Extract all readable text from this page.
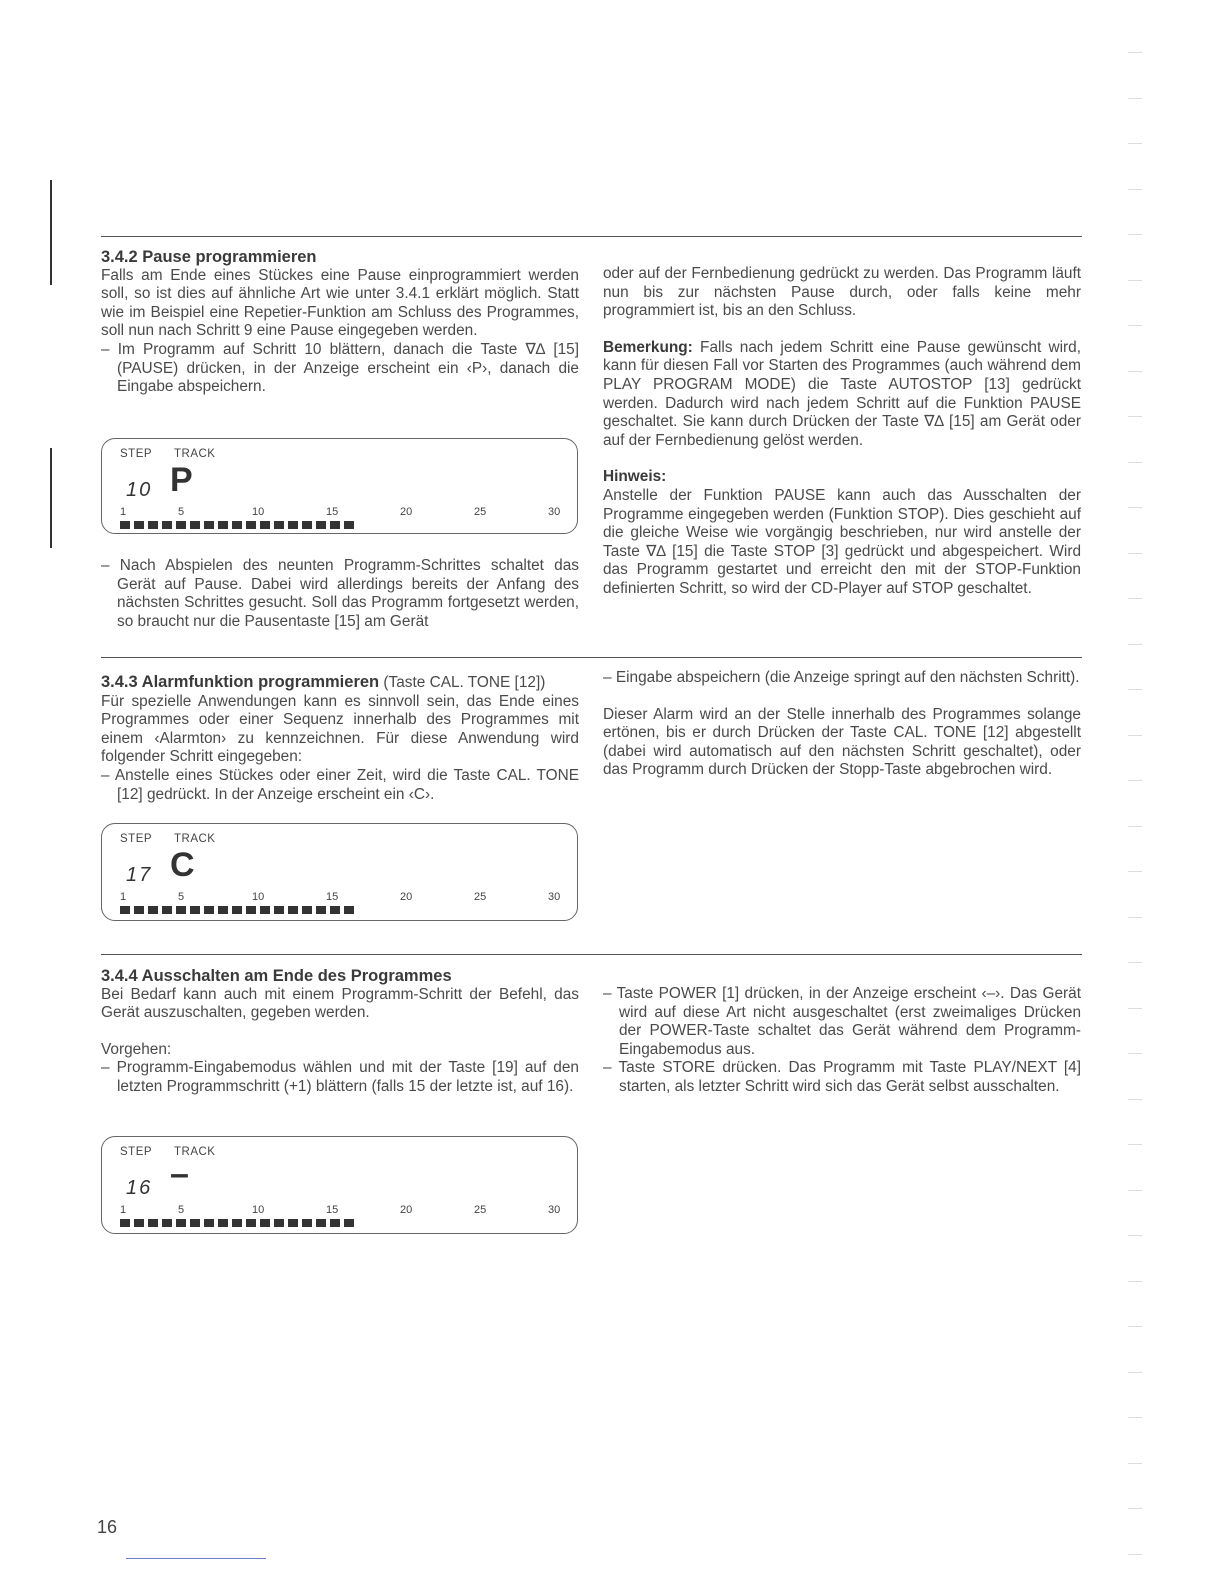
3.4.2 Pause programmieren

Falls am Ende eines Stückes eine Pause einprogrammiert werden soll, so ist dies auf ähnliche Art wie unter 3.4.1 erklärt möglich. Statt wie im Beispiel eine Repetier-Funktion am Schluss des Programmes, soll nun nach Schritt 9 eine Pause eingegeben werden.

– Im Programm auf Schritt 10 blättern, danach die Taste ∇∆ [15] (PAUSE) drücken, in der Anzeige erscheint ein ‹P›, danach die Eingabe abspeichern.

STEP TRACK
10 P
1	5	10	15	20	25	30

– Nach Abspielen des neunten Programm-Schrittes schaltet das Gerät auf Pause. Dabei wird allerdings bereits der Anfang des nächsten Schrittes gesucht. Soll das Programm fortgesetzt werden, so braucht nur die Pausentaste [15] am Gerät

oder auf der Fernbedienung gedrückt zu werden. Das Programm läuft nun bis zur nächsten Pause durch, oder falls keine mehr programmiert ist, bis an den Schluss.

Bemerkung: Falls nach jedem Schritt eine Pause gewünscht wird, kann für diesen Fall vor Starten des Programmes (auch während dem PLAY PROGRAM MODE) die Taste AUTOSTOP [13] gedrückt werden. Dadurch wird nach jedem Schritt auf die Funktion PAUSE geschaltet. Sie kann durch Drücken der Taste ∇∆ [15] am Gerät oder auf der Fernbedienung gelöst werden.

Hinweis:

Anstelle der Funktion PAUSE kann auch das Ausschalten der Programme eingegeben werden (Funktion STOP). Dies geschieht auf die gleiche Weise wie vorgängig beschrieben, nur wird anstelle der Taste ∇∆ [15] die Taste STOP [3] gedrückt und abgespeichert. Wird das Programm gestartet und erreicht den mit der STOP-Funktion definierten Schritt, so wird der CD-Player auf STOP geschaltet.

3.4.3 Alarmfunktion programmieren (Taste CAL. TONE [12])

Für spezielle Anwendungen kann es sinnvoll sein, das Ende eines Programmes oder einer Sequenz innerhalb des Programmes mit einem ‹Alarmton› zu kennzeichnen. Für diese Anwendung wird folgender Schritt eingegeben:

– Anstelle eines Stückes oder einer Zeit, wird die Taste CAL. TONE [12] gedrückt. In der Anzeige erscheint ein ‹C›.

STEP TRACK
17 C
1	5	10	15	20	25	30

– Eingabe abspeichern (die Anzeige springt auf den nächsten Schritt).

Dieser Alarm wird an der Stelle innerhalb des Programmes solange ertönen, bis er durch Drücken der Taste CAL. TONE [12] abgestellt (dabei wird automatisch auf den nächsten Schritt geschaltet), oder das Programm durch Drücken der Stopp-Taste abgebrochen wird.

3.4.4 Ausschalten am Ende des Programmes

Bei Bedarf kann auch mit einem Programm-Schritt der Befehl, das Gerät auszuschalten, gegeben werden.

Vorgehen:

– Programm-Eingabemodus wählen und mit der Taste [19] auf den letzten Programmschritt (+1) blättern (falls 15 der letzte ist, auf 16).

STEP TRACK
16 –
1	5	10	15	20	25	30

– Taste POWER [1] drücken, in der Anzeige erscheint ‹–›. Das Gerät wird auf diese Art nicht ausgeschaltet (erst zweimaliges Drücken der POWER-Taste schaltet das Gerät während dem Programm-Eingabemodus aus.

– Taste STORE drücken. Das Programm mit Taste PLAY/NEXT [4] starten, als letzter Schritt wird sich das Gerät selbst ausschalten.

16
